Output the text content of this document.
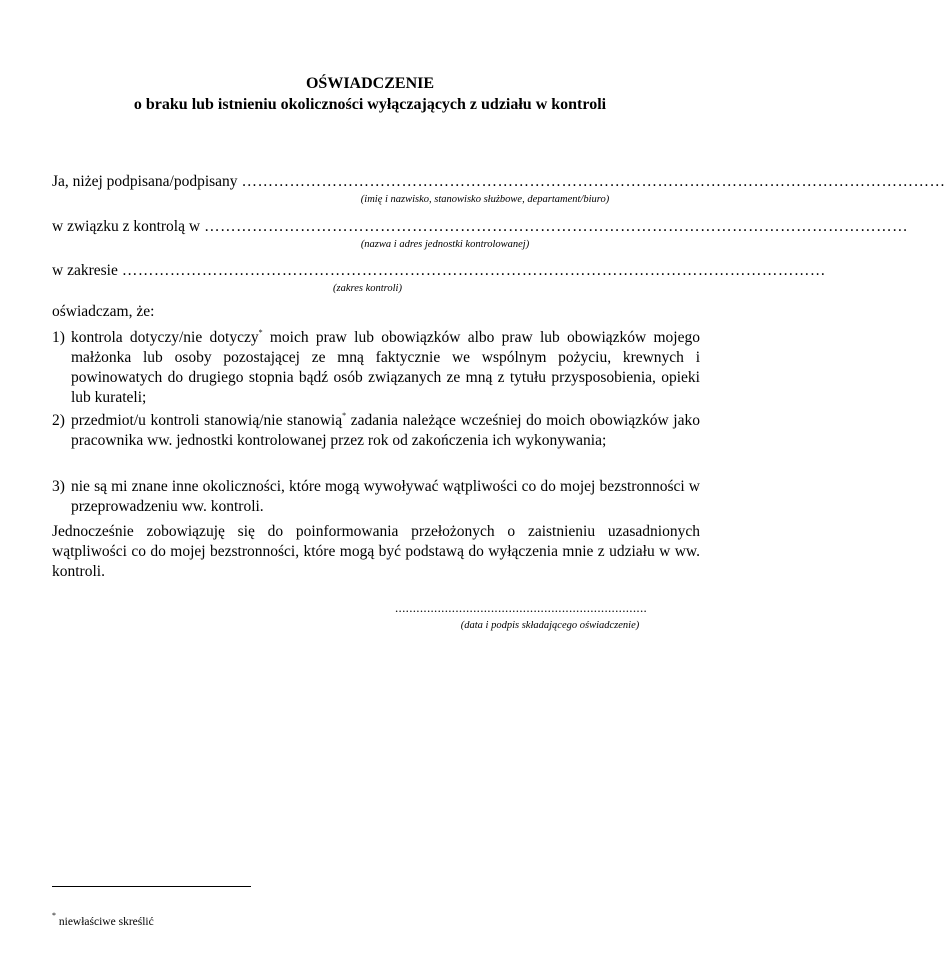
OŚWIADCZENIE
o braku lub istnieniu okoliczności wyłączających z udziału w kontroli
Ja, niżej podpisana/podpisany ……………………………………………………………………………………………………………………
(imię i nazwisko, stanowisko służbowe, departament/biuro)
w związku z kontrolą w ……………………………………………………………………………………………………………………
(nazwa i adres jednostki kontrolowanej)
w zakresie ……………………………………………………………………………………………………………………
(zakres kontroli)
oświadczam, że:
1) kontrola dotyczy/nie dotyczy* moich praw lub obowiązków albo praw lub obowiązków mojego małżonka lub osoby pozostającej ze mną faktycznie we wspólnym pożyciu, krewnych i powinowatych do drugiego stopnia bądź osób związanych ze mną z tytułu przysposobienia, opieki lub kurateli;
2) przedmiot/u kontroli stanowią/nie stanowią* zadania należące wcześniej do moich obowiązków jako pracownika ww. jednostki kontrolowanej przez rok od zakończenia ich wykonywania;
3) nie są mi znane inne okoliczności, które mogą wywoływać wątpliwości co do mojej bezstronności w przeprowadzeniu ww. kontroli.
Jednocześnie zobowiązuję się do poinformowania przełożonych o zaistnieniu uzasadnionych wątpliwości co do mojej bezstronności, które mogą być podstawą do wyłączenia mnie z udziału w ww. kontroli.
.......................................................................
(data i podpis składającego oświadczenie)
* niewłaściwe skreślić
